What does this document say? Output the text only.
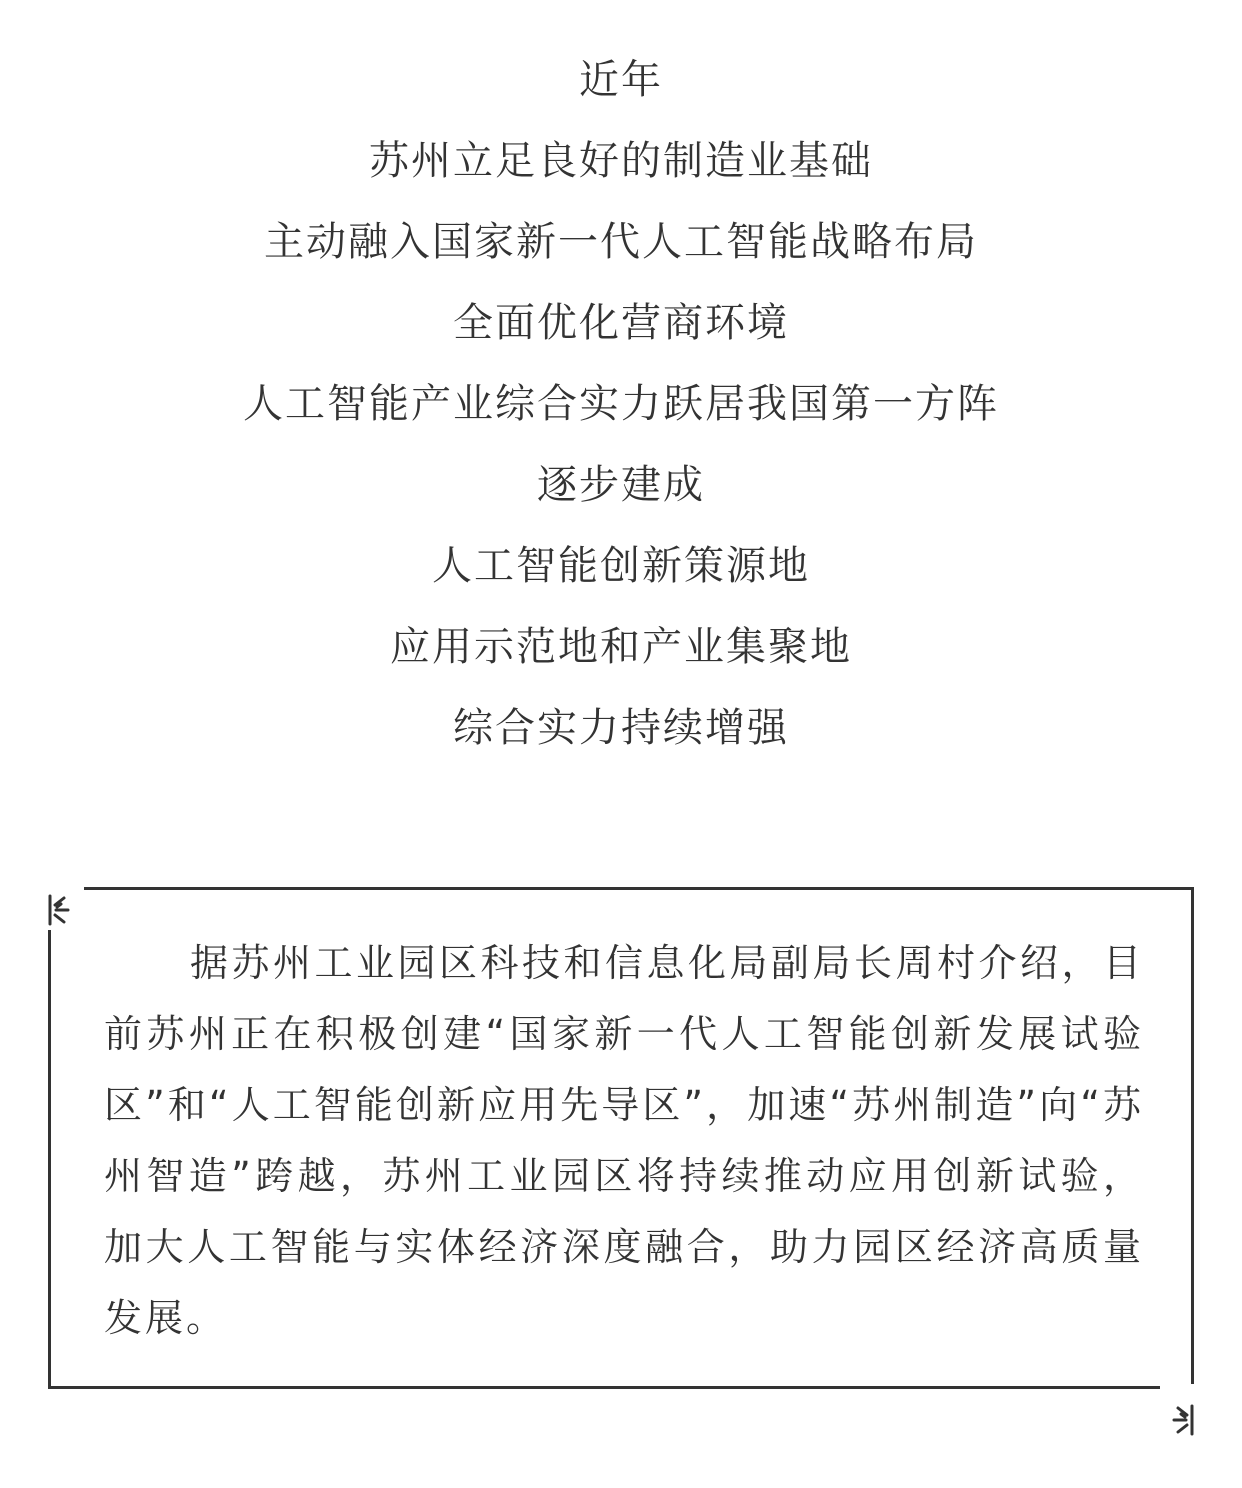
近年
苏州立足良好的制造业基础
主动融入国家新一代人工智能战略布局
全面优化营商环境
人工智能产业综合实力跃居我国第一方阵
逐步建成
人工智能创新策源地
应用示范地和产业集聚地
综合实力持续增强

据苏州工业园区科技和信息化局副局长周村介绍，目前苏州正在积极创建“国家新一代人工智能创新发展试验区”和“人工智能创新应用先导区”，加速“苏州制造”向“苏州智造”跨越，苏州工业园区将持续推动应用创新试验，加大人工智能与实体经济深度融合，助力园区经济高质量发展。
